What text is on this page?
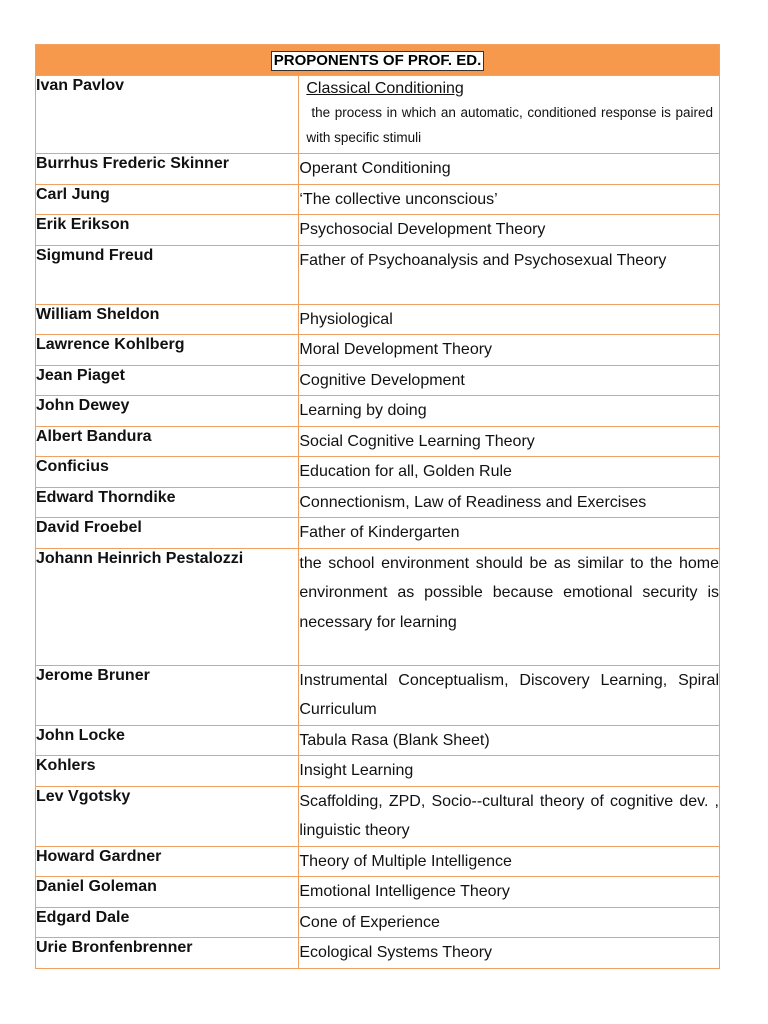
PROPONENTS OF PROF. ED.	
Ivan Pavlov	Classical Conditioning
the process in which an automatic, conditioned response is paired with specific stimuli

Burrhus Frederic Skinner	Operant Conditioning
Carl Jung	‘The collective unconscious’
Erik Erikson	Psychosocial Development Theory
Sigmund Freud	Father of Psychoanalysis and Psychosexual Theory
William Sheldon	Physiological
Lawrence Kohlberg	Moral Development Theory
Jean Piaget	Cognitive Development
John Dewey	Learning by doing
Albert Bandura	Social Cognitive Learning Theory
Conficius	Education for all, Golden Rule
Edward Thorndike	Connectionism, Law of Readiness and Exercises
David Froebel	Father of Kindergarten
Johann Heinrich Pestalozzi	the school environment should be as similar to the home environment as possible because emotional security is necessary for learning
Jerome Bruner	Instrumental Conceptualism, Discovery Learning, Spiral Curriculum
John Locke	Tabula Rasa (Blank Sheet)
Kohlers	Insight Learning
Lev Vgotsky	Scaffolding, ZPD, Socio--cultural theory of cognitive dev. , linguistic theory
Howard Gardner	Theory of Multiple Intelligence
Daniel Goleman	Emotional Intelligence Theory
Edgard Dale	Cone of Experience
Urie Bronfenbrenner	Ecological Systems Theory
